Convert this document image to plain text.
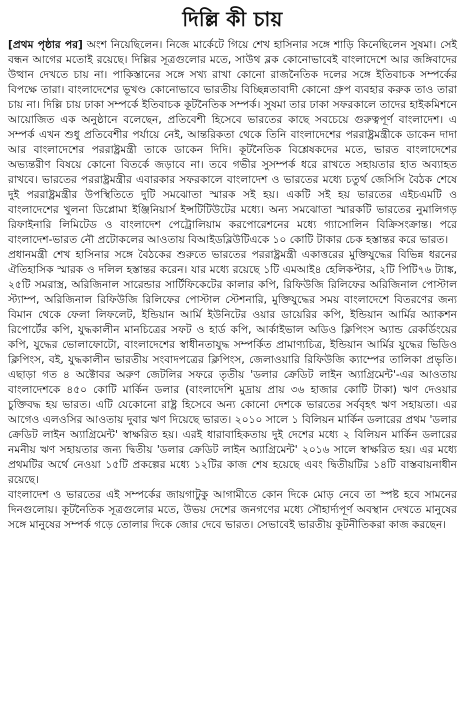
দিল্লি কী চায়

[প্রথম পৃষ্ঠার পর] অংশ নিয়েছিলেন। নিজে মার্কেটে গিয়ে শেখ হাসিনার সঙ্গে শাড়ি কিনেছিলেন সুষমা। সেই বন্ধন আগের মতোই রয়েছে। দিল্লির সূত্রগুলোর মতে, সাউথ ব্লক কোনোভাবেই বাংলাদেশে আর জঙ্গিবাদের উত্থান দেখতে চায় না। পাকিস্তানের সঙ্গে সখ্য রাখা কোনো রাজনৈতিক দলের সঙ্গে ইতিবাচক সম্পর্কের বিপক্ষে তারা। বাংলাদেশের ভূখণ্ড কোনোভাবে ভারতীয় বিচ্ছিন্নতাবাদী কোনো গ্রুপ ব্যবহার করুক তাও তারা চায় না। দিল্লি চায় ঢাকা সম্পর্কে ইতিবাচক কূটনৈতিক সম্পর্ক। সুষমা তার ঢাকা সফরকালে তাদের হাইকমিশনে আয়োজিত এক অনুষ্ঠানে বলেছেন, প্রতিবেশী হিসেবে ভারতের কাছে সবচেয়ে গুরুত্বপূর্ণ বাংলাদেশ। এ সম্পর্ক এখন শুধু প্রতিবেশীর পর্যায়ে নেই, আন্তরিকতা থেকে তিনি বাংলাদেশের পররাষ্ট্রমন্ত্রীকে ডাকেন দাদা আর বাংলাদেশের পররাষ্ট্রমন্ত্রী তাকে ডাকেন দিদি। কূটনৈতিক বিশ্লেষকদের মতে, ভারত বাংলাদেশের অভ্যন্তরীণ বিষয়ে কোনো বিতর্কে জড়াবে না। তবে গভীর সুসম্পর্ক ধরে রাখতে সহায়তার হাত অব্যাহত রাখবে। ভারতের পররাষ্ট্রমন্ত্রীর এবারকার সফরকালে বাংলাদেশ ও ভারতের মধ্যে চতুর্থ জেসিসি বৈঠক শেষে দুই পররাষ্ট্রমন্ত্রীর উপস্থিতিতে দুটি সমঝোতা স্মারক সই হয়। একটি সই হয় ভারতের এইচএমটি ও বাংলাদেশের খুলনা ডিপ্লোমা ইঞ্জিনিয়ার্স ইন্সটিটিউটের মধ্যে। অন্য সমঝোতা স্মারকটি ভারতের নুমালিগড় রিফাইনারি লিমিটেড ও বাংলাদেশ পেট্রোলিয়াম করপোরেশনের মধ্যে গ্যাসোলিন বিক্রিসংক্রান্ত। পরে বাংলাদেশ-ভারত নৌ প্রটোকলের আওতায় বিআইডব্লিউটিএকে ১০ কোটি টাকার চেক হস্তান্তর করে ভারত।

প্রধানমন্ত্রী শেখ হাসিনার সঙ্গে বৈঠকের শুরুতে ভারতের পররাষ্ট্রমন্ত্রী একাত্তরের মুক্তিযুদ্ধের বিভিন্ন ধরনের ঐতিহাসিক স্মারক ও দলিল হস্তান্তর করেন। যার মধ্যে রয়েছে ১টি এমআই৪ হেলিকপ্টার, ২টি পিটি৭৬ ট্যাঙ্ক, ২৫টি সমরাস্ত্র, অরিজিনাল সারেন্ডার সার্টিফিকেটের কালার কপি, রিফিউজি রিলিফের অরিজিনাল পোস্টাল স্ট্যাম্প, অরিজিনাল রিফিউজি রিলিফের পোস্টাল স্টেশনারি, মুক্তিযুদ্ধের সময় বাংলাদেশে বিতরণের জন্য বিমান থেকে ফেলা লিফলেট, ইন্ডিয়ান আর্মি ইউনিটের ওয়ার ডায়েরির কপি, ইন্ডিয়ান আর্মির অ্যাকশন রিপোর্টের কপি, যুদ্ধকালীন মানচিত্রের সফট ও হার্ড কপি, আর্কাইভাল অডিও ক্লিপিংস অ্যান্ড রেকর্ডিংয়ের কপি, যুদ্ধের ভোলাফোটো, বাংলাদেশের স্বাধীনতাযুদ্ধ সম্পর্কিত প্রামাণ্যচিত্র, ইন্ডিয়ান আর্মির যুদ্ধের ভিডিও ক্লিপিংস, বই, যুদ্ধকালীন ভারতীয় সংবাদপত্রের ক্লিপিংস, জেলাওয়ারি রিফিউজি ক্যাম্পের তালিকা প্রভৃতি। এছাড়া গত ৪ অক্টোবর অরুণ জেটলির সফরে তৃতীয় 'ডলার ক্রেডিট লাইন অ্যাগ্রিমেন্ট'-এর আওতায় বাংলাদেশকে ৪৫০ কোটি মার্কিন ডলার (বাংলাদেশি মুদ্রায় প্রায় ৩৬ হাজার কোটি টাকা) ঋণ দেওয়ার চুক্তিবদ্ধ হয় ভারত। এটি যেকোনো রাষ্ট্র হিসেবে অন্য কোনো দেশকে ভারতের সর্ববৃহৎ ঋণ সহায়তা। এর আগেও এলওসির আওতায় দুবার ঋণ দিয়েছে ভারত। ২০১০ সালে ১ বিলিয়ন মার্কিন ডলারের প্রথম 'ডলার ক্রেডিট লাইন অ্যাগ্রিমেন্ট' স্বাক্ষরিত হয়। এরই ধারাবাহিকতায় দুই দেশের মধ্যে ২ বিলিয়ন মার্কিন ডলারের নমনীয় ঋণ সহায়তার জন্য দ্বিতীয় 'ডলার ক্রেডিট লাইন অ্যাগ্রিমেন্ট' ২০১৬ সালে স্বাক্ষরিত হয়। এর মধ্যে প্রথমটির অর্থে নেওয়া ১৫টি প্রকল্পের মধ্যে ১২টির কাজ শেষ হয়েছে এবং দ্বিতীয়টির ১৪টি বাস্তবায়নাধীন রয়েছে।

বাংলাদেশ ও ভারতের এই সম্পর্কের জায়গাটুকু আগামীতে কোন দিকে মোড় নেবে তা স্পষ্ট হবে সামনের দিনগুলোয়। কূটনৈতিক সূত্রগুলোর মতে, উভয় দেশের জনগণের মধ্যে সৌহার্দ্যপূর্ণ অবস্থান দেখতে মানুষের সঙ্গে মানুষের সম্পর্ক গড়ে তোলার দিকে জোর দেবে ভারত। সেভাবেই ভারতীয় কূটনীতিকরা কাজ করছেন।
